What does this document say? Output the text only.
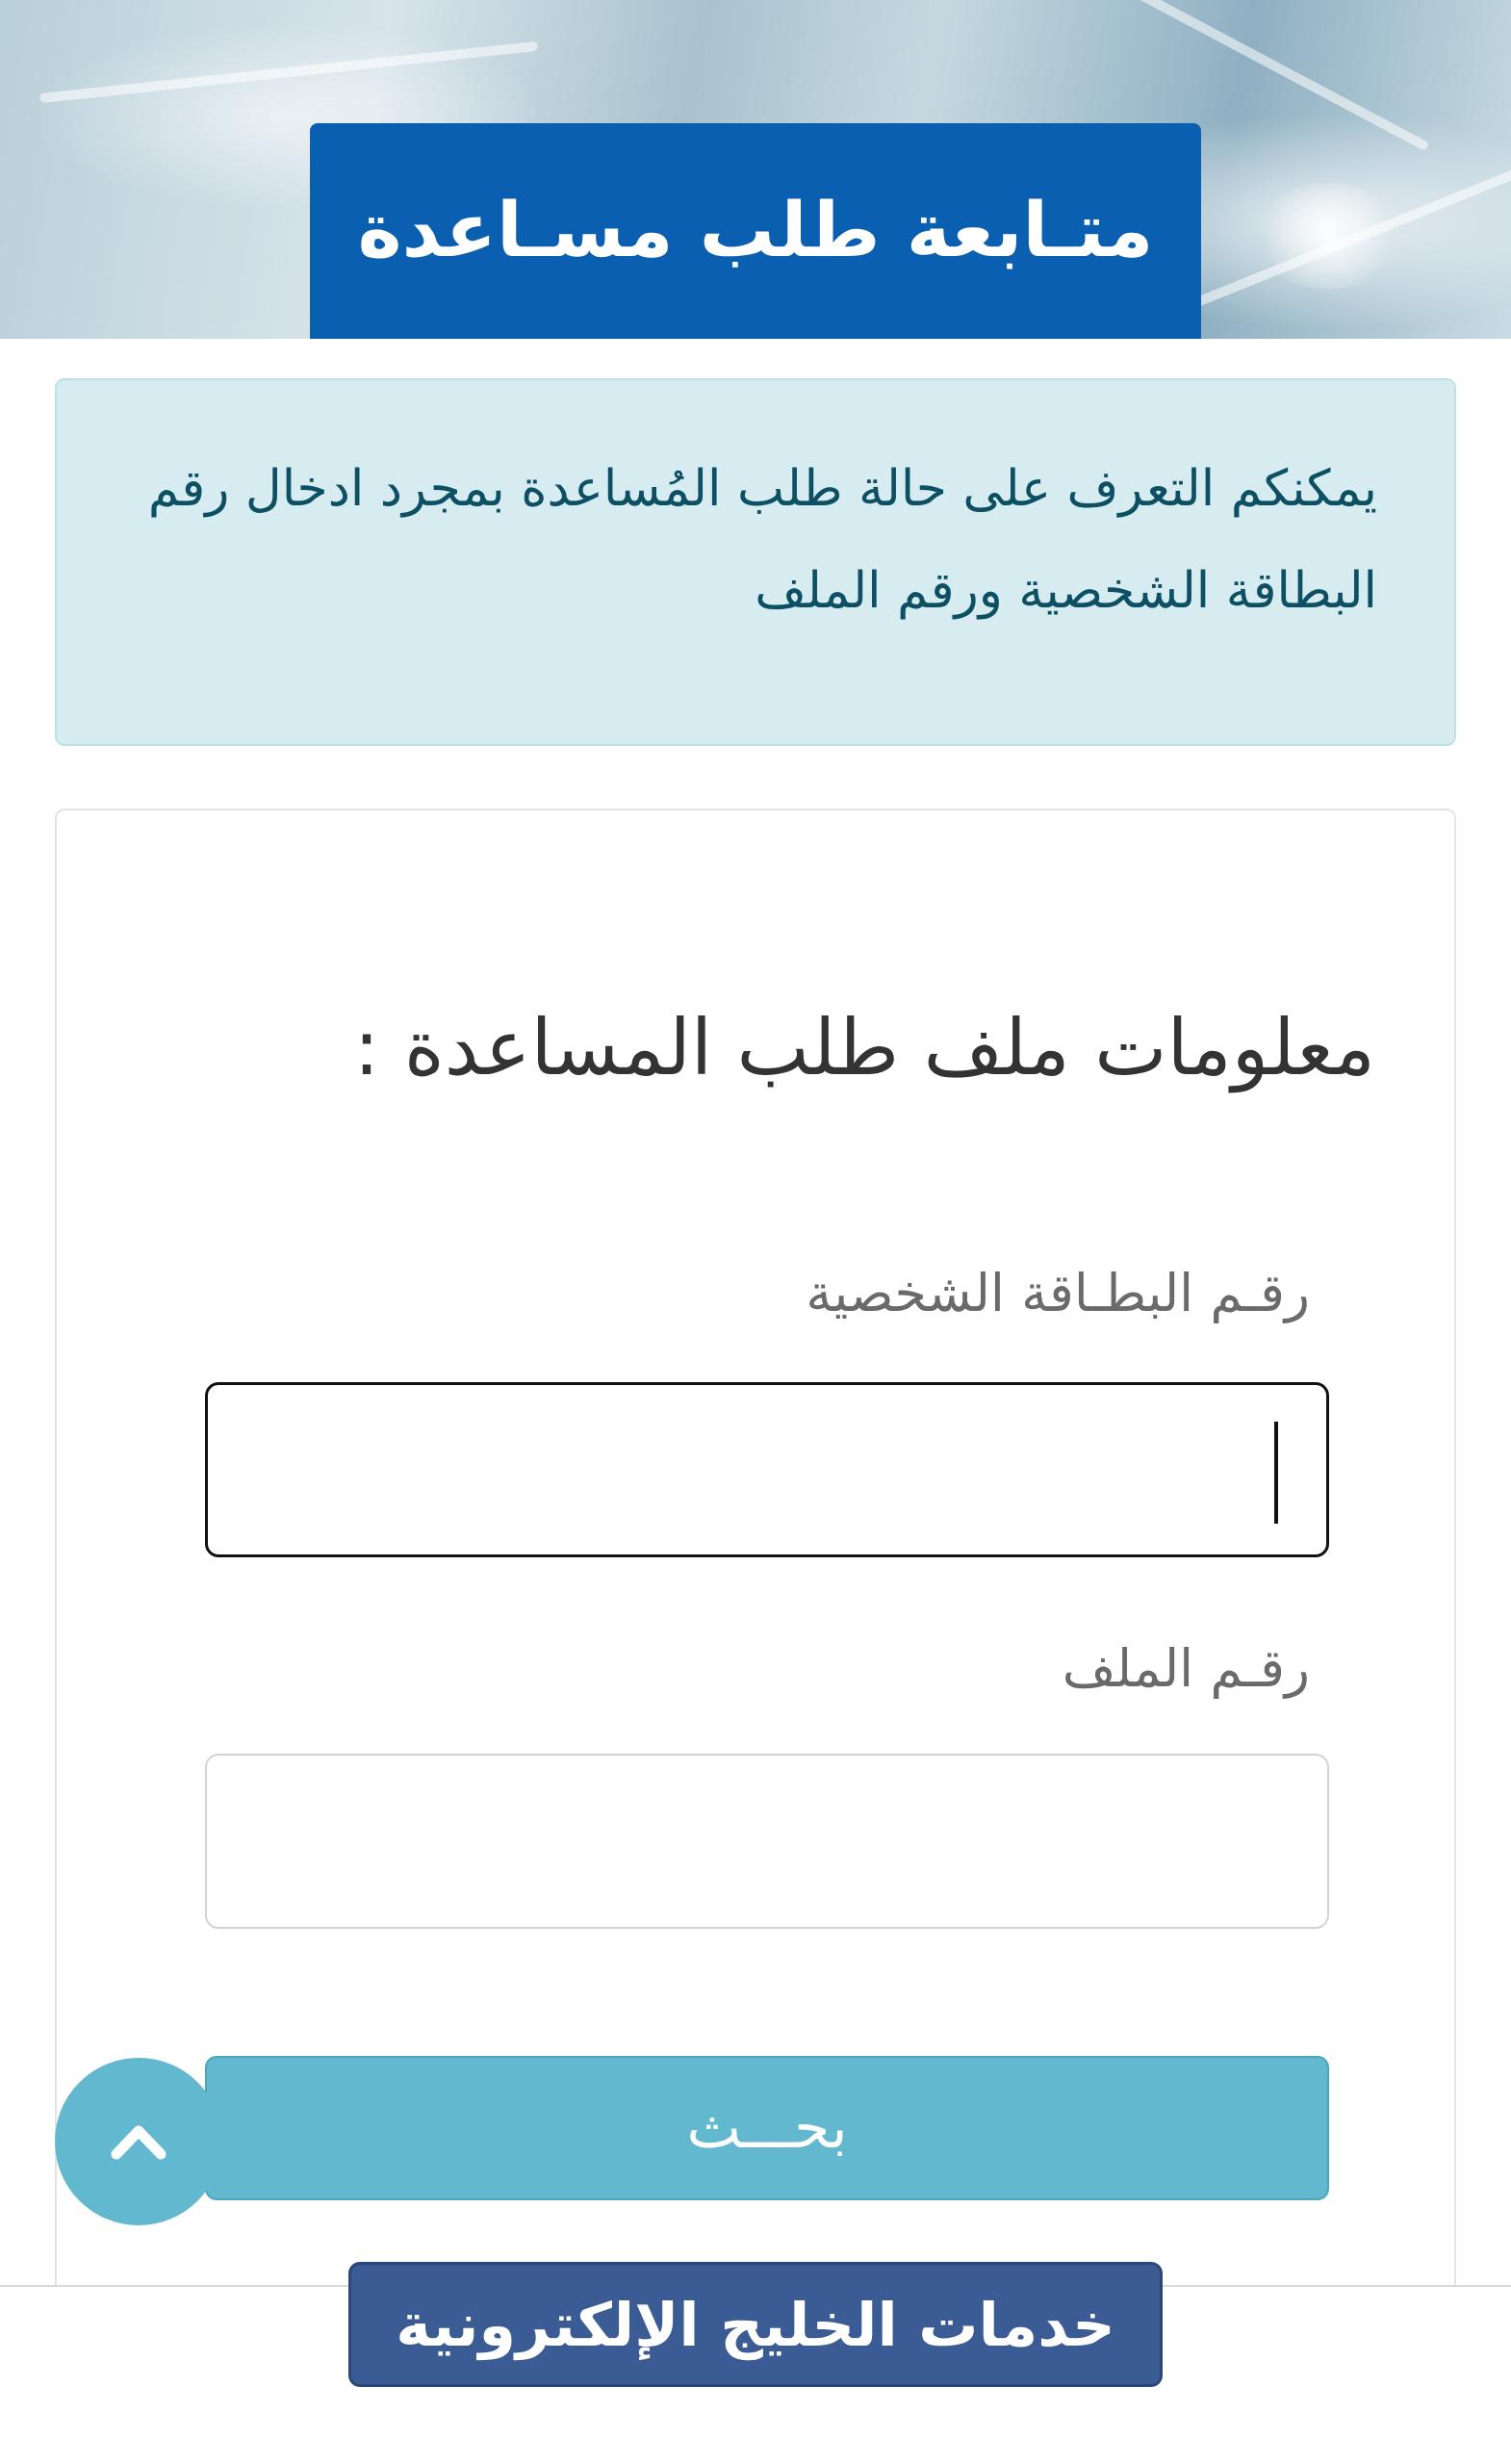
متـابعة طلب مسـاعدة
يمكنكم التعرف على حالة طلب المُساعدة بمجرد ادخال رقم البطاقة الشخصية ورقم الملف
معلومات ملف طلب المساعدة :
رقـم البطـاقة الشخصية
رقـم الملف
بحـــث
خدمات الخليج الإلكترونية
